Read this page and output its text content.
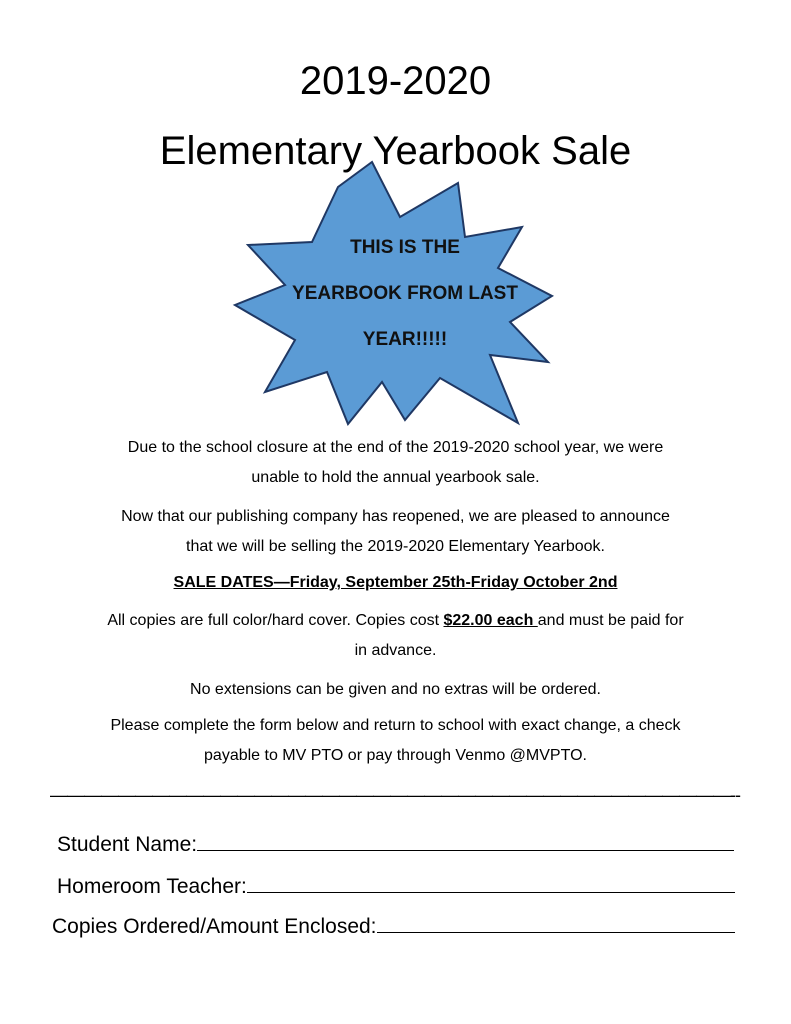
2019-2020
Elementary Yearbook Sale
THIS IS THE
YEARBOOK FROM LAST
YEAR!!!!!
Due to the school closure at the end of the 2019-2020 school year, we were
unable to hold the annual yearbook sale.
Now that our publishing company has reopened, we are pleased to announce
that we will be selling the 2019-2020 Elementary Yearbook.
SALE DATES—Friday, September 25th-Friday October 2nd
All copies are full color/hard cover. Copies cost $22.00 each and must be paid for
in advance.
No extensions can be given and no extras will be ordered.
Please complete the form below and return to school with exact change, a check
payable to MV PTO or pay through Venmo @MVPTO.
————————————————————————————————————————--
Student Name:
Homeroom Teacher:
Copies Ordered/Amount Enclosed:
